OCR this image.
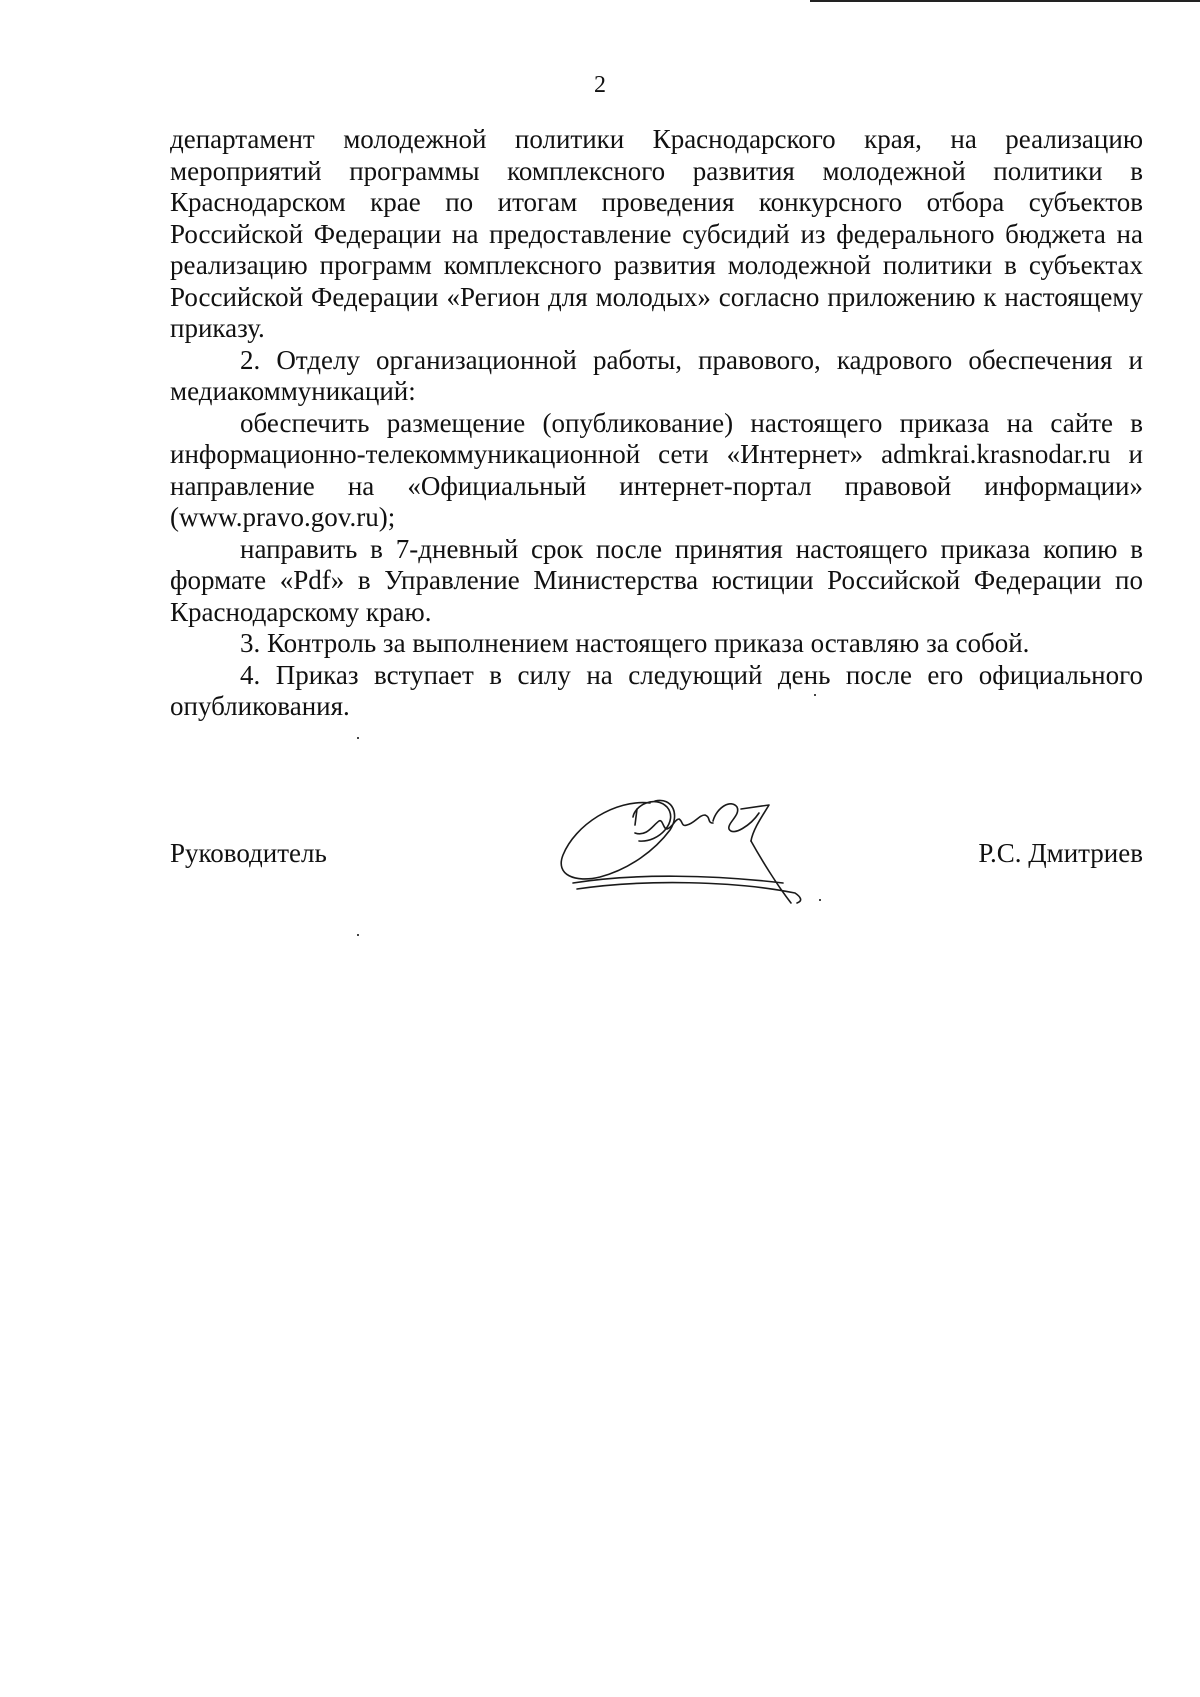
2

департамент молодежной политики Краснодарского края, на реализацию мероприятий программы комплексного развития молодежной политики в Краснодарском крае по итогам проведения конкурсного отбора субъектов Российской Федерации на предоставление субсидий из федерального бюджета на реализацию программ комплексного развития молодежной политики в субъектах Российской Федерации «Регион для молодых» согласно приложению к настоящему приказу.

2. Отделу организационной работы, правового, кадрового обеспечения и медиакоммуникаций:

обеспечить размещение (опубликование) настоящего приказа на сайте в информационно-телекоммуникационной сети «Интернет» admkrai.krasnodar.ru и направление на «Официальный интернет-портал правовой информации» (www.pravo.gov.ru);

направить в 7-дневный срок после принятия настоящего приказа копию в формате «Pdf» в Управление Министерства юстиции Российской Федерации по Краснодарскому краю.

3. Контроль за выполнением настоящего приказа оставляю за собой.

4. Приказ вступает в силу на следующий день после его официального опубликования.

Руководитель	Р.С. Дмитриев
